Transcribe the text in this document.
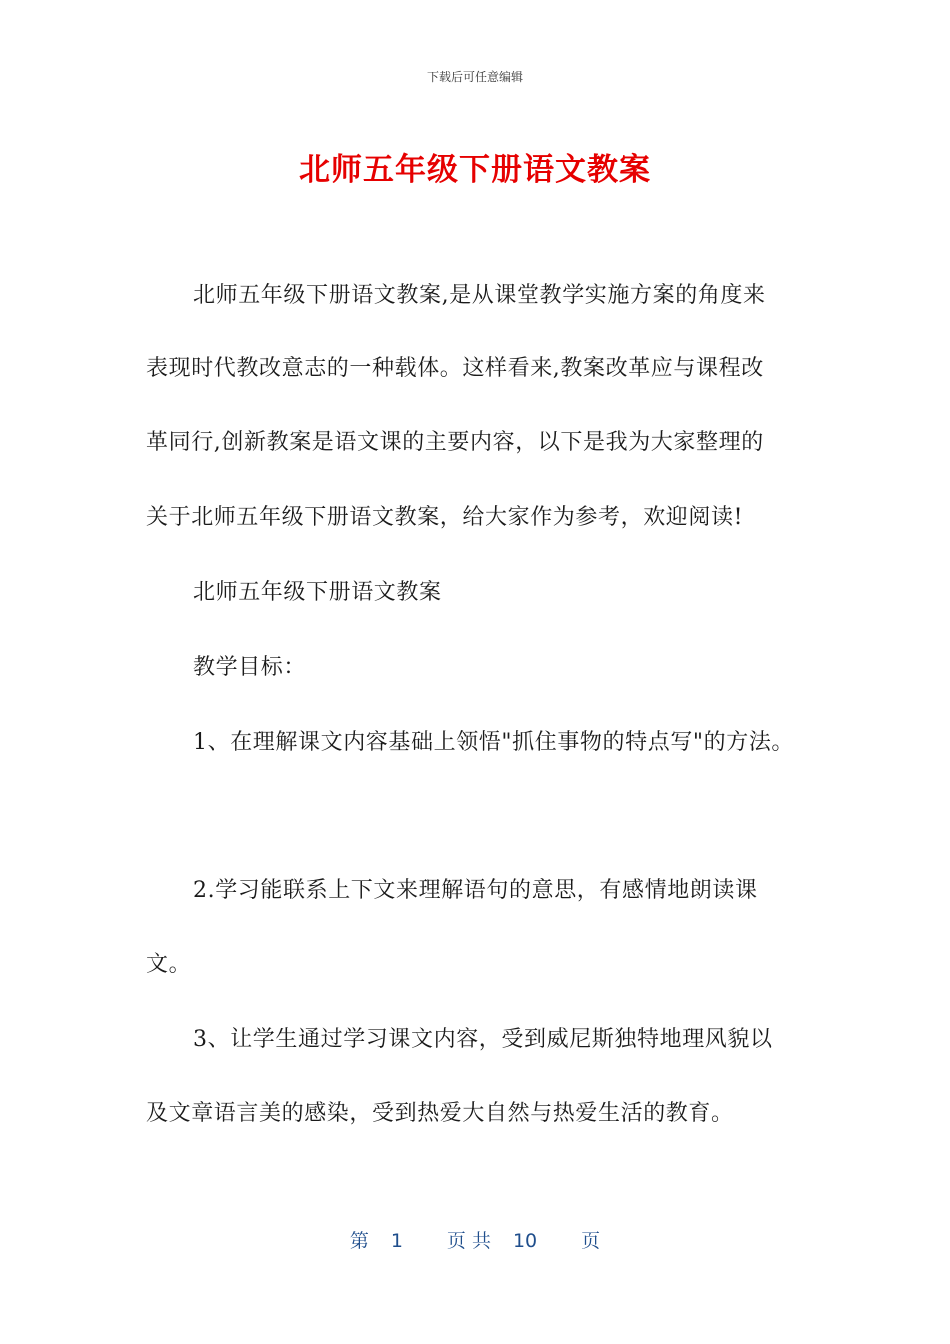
下载后可任意编辑
北师五年级下册语文教案
北师五年级下册语文教案,是从课堂教学实施方案的角度来
表现时代教改意志的一种载体。这样看来,教案改革应与课程改
革同行,创新教案是语文课的主要内容，以下是我为大家整理的
关于北师五年级下册语文教案，给大家作为参考，欢迎阅读!
北师五年级下册语文教案
教学目标：
1、在理解课文内容基础上领悟"抓住事物的特点写"的方法。
2.学习能联系上下文来理解语句的意思，有感情地朗读课
文。
3、让学生通过学习课文内容，受到威尼斯独特地理风貌以
及文章语言美的感染，受到热爱大自然与热爱生活的教育。
第 1 页 共 10 页
